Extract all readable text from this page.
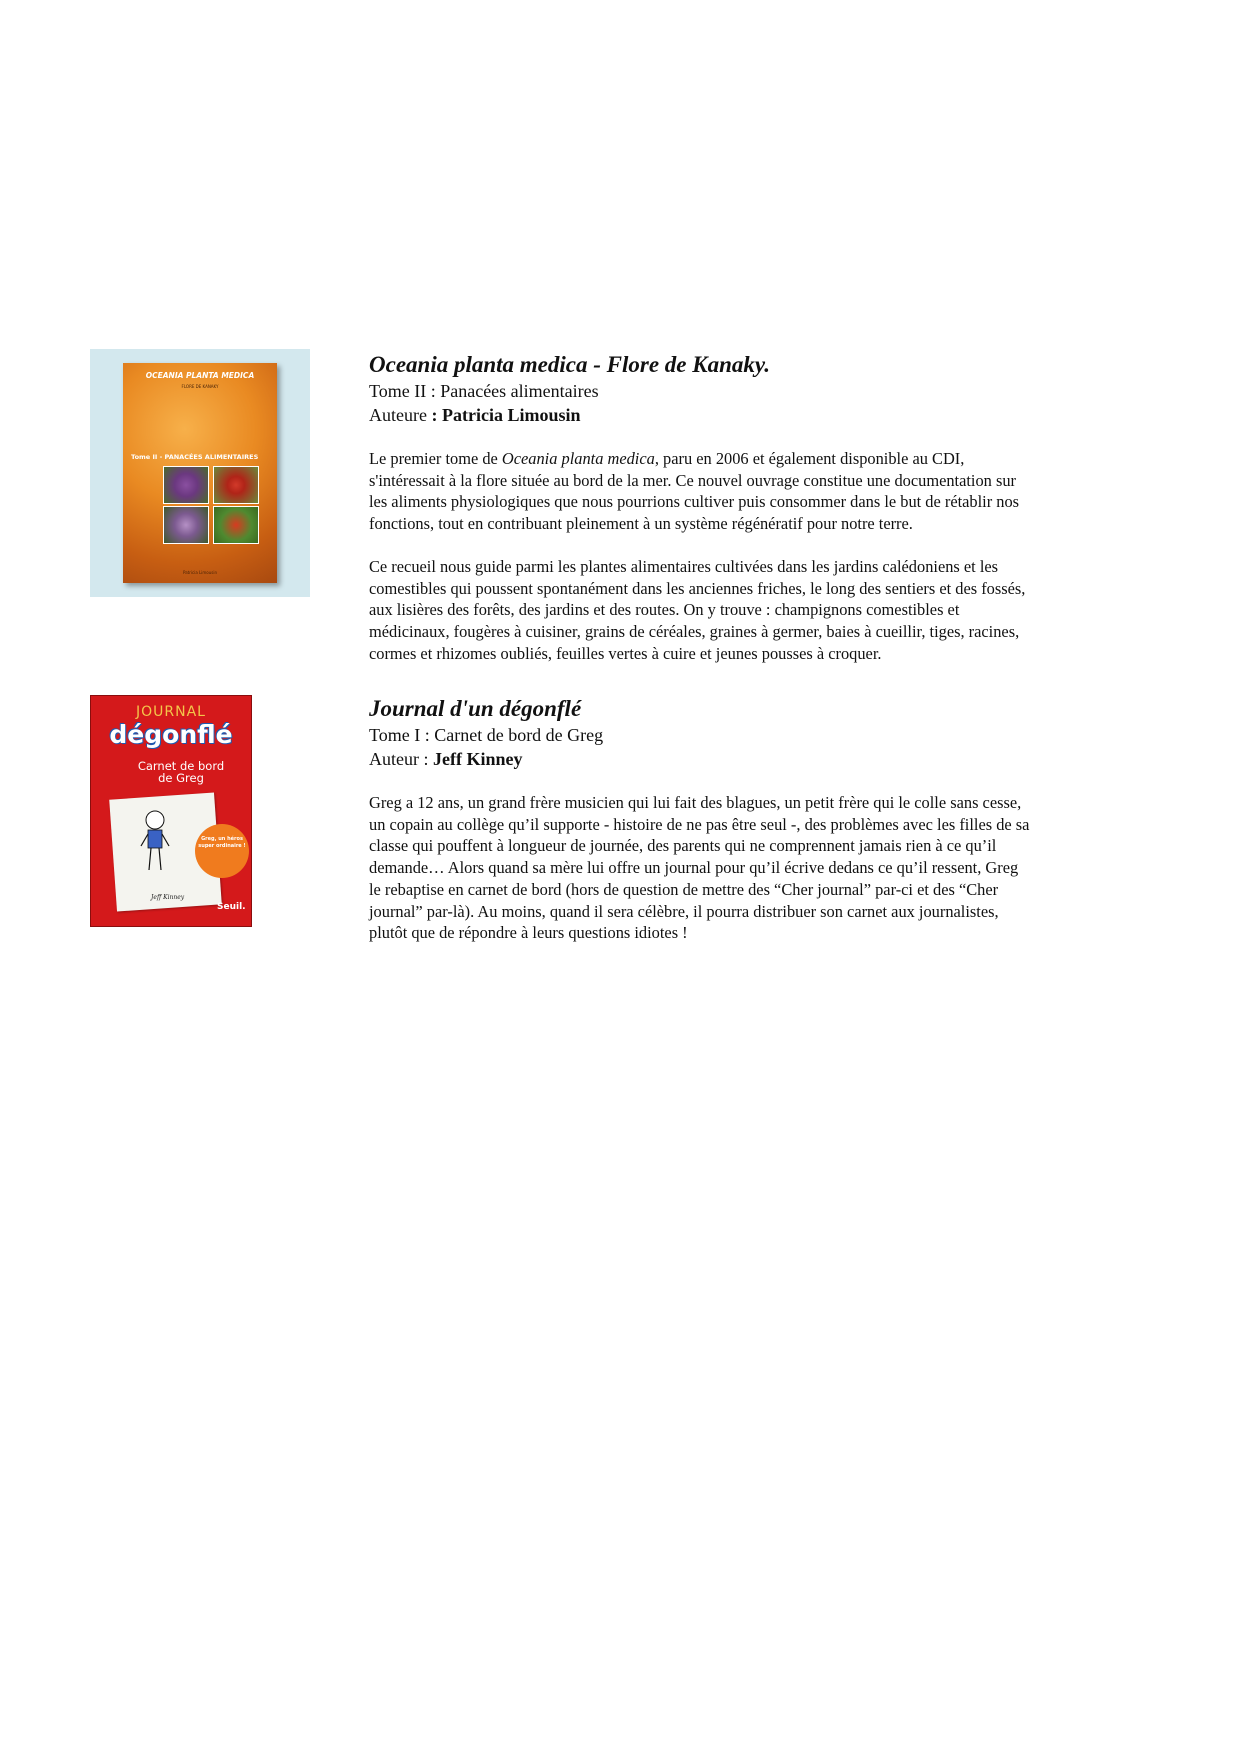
OCEANIA PLANTA MEDICA
FLORE DE KANAKY
Tome II - PANACÉES ALIMENTAIRES
Patricia Limousin

Oceania planta medica - Flore de Kanaky.

Tome II : Panacées alimentaires

Auteure : Patricia Limousin

Le premier tome de Oceania planta medica, paru en 2006 et également disponible au CDI,
s'intéressait à la flore située au bord de la mer. Ce nouvel ouvrage constitue une documentation sur
les aliments physiologiques que nous pourrions cultiver puis consommer dans le but de rétablir nos
fonctions, tout en contribuant pleinement à un système régénératif pour notre terre.
Ce recueil nous guide parmi les plantes alimentaires cultivées dans les jardins calédoniens et les
comestibles qui poussent spontanément dans les anciennes friches, le long des sentiers et des fossés,
aux lisières des forêts, des jardins et des routes. On y trouve : champignons comestibles et
médicinaux, fougères à cuisiner, grains de céréales, graines à germer, baies à cueillir, tiges, racines,
cormes et rhizomes oubliés, feuilles vertes à cuire et jeunes pousses à croquer.
JOURNAL
dégonflé
Carnet de bord de Greg
Greg, un héros super ordinaire !
Jeff Kinney
Seuil.

Journal d'un dégonflé

Tome I : Carnet de bord de Greg

Auteur : Jeff Kinney

Greg a 12 ans, un grand frère musicien qui lui fait des blagues, un petit frère qui le colle sans cesse,
un copain au collège qu’il supporte - histoire de ne pas être seul -, des problèmes avec les filles de sa
classe qui pouffent à longueur de journée, des parents qui ne comprennent jamais rien à ce qu’il
demande… Alors quand sa mère lui offre un journal pour qu’il écrive dedans ce qu’il ressent, Greg
le rebaptise en carnet de bord (hors de question de mettre des “Cher journal” par-ci et des “Cher
journal” par-là). Au moins, quand il sera célèbre, il pourra distribuer son carnet aux journalistes,
plutôt que de répondre à leurs questions idiotes !
